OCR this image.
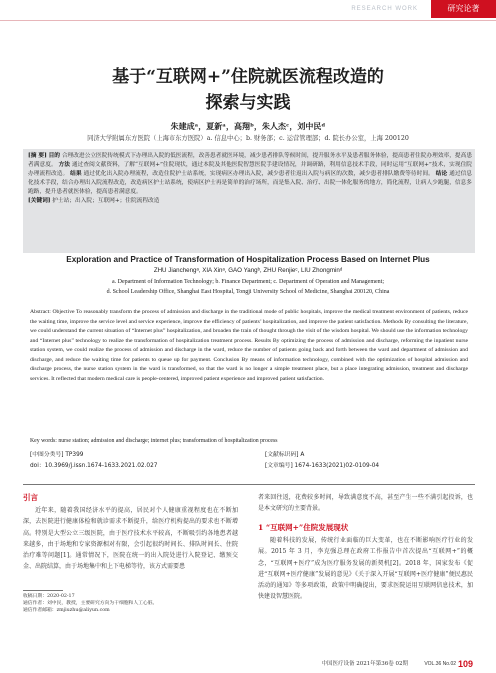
RESEARCH WORK	研究论著
基于“互联网+”住院就医流程改造的
探索与实践
朱建成ᵃ，夏新ᵃ，高翔ᵇ，朱人杰ᶜ，刘中民ᵈ
同济大学附属东方医院（上海市东方医院）a. 信息中心；b. 财务部；c. 运营管理部；d. 院长办公室，上海 200120
[摘 要] 目的 合理改进公立医院传统模式下办理出入院的低医流程，改善患者就医环境，减少患者排队等候时间，提升服务水平及患者服务体验，提高患者住院办理效率，提高患者满意度。 方法 通过查阅文献资料，了解“互联网+”住院现状，通过本院及其他医院智慧医院手建设情况，并调研路，利用信息技术手段，同时运用“互联网+”技术，实现住院办理流程改造。 结果 通过优化出入院办理流程，改造住院护士站系统，实现病区办理出入院，减少患者往返出入院与病区的次数，减少患者排队缴费等待时间。 结论 通过信息化技术手段，结合办理出入院流程改造，改造病区护士站系统，使病区护士再是简单的治疗场所，而是集入院、治疗、出院一体化服务的地方，简化流程，让病人少跑腿，信息多跑路，提升患者就医体验，提高患者满意度。
[关键词] 护士站；出入院；互联网+；住院流程改造
Exploration and Practice of Transformation of Hospitalization Process Based on Internet Plus
ZHU Jianchengᵃ, XIA Xinᵃ, GAO Yangᵇ, ZHU Renjieᶜ, LIU Zhongminᵈ
a. Department of Information Technology; b. Finance Department; c. Department of Operation and Management;
d. School Leadership Office, Shanghai East Hospital, Tongji University School of Medicine, Shanghai 200120, China
Abstract: Objective To reasonably transform the process of admission and discharge in the traditional mode of public hospitals, improve the medical treatment environment of patients, reduce the waiting time, improve the service level and service experience, improve the efficiency of patients’ hospitalization, and improve the patient satisfaction. Methods By consulting the literature, we could understand the current situation of “Internet plus” hospitalization, and broaden the train of thought through the visit of the wisdom hospital. We should use the information technology and “Internet plus” technology to realize the transformation of hospitalization treatment process. Results By optimizing the process of admission and discharge, reforming the inpatient nurse station system, we could realize the process of admission and discharge in the ward, reduce the number of patients going back and forth between the ward and department of admission and discharge, and reduce the waiting time for patients to queue up for payment. Conclusion By means of information technology, combined with the optimization of hospital admission and discharge process, the nurse station system in the ward is transformed, so that the ward is no longer a simple treatment place, but a place integrating admission, treatment and discharge services. It reflected that modern medical care is people-centered, improved patient experience and improved patient satisfaction.
Key words: nurse station; admission and discharge; internet plus; transformation of hospitalization process
[中图分类号] TP399	[文献标识码] A
doi：10.3969/j.issn.1674-1633.2021.02.027	[文章编号] 1674-1633(2021)02-0109-04
引言
近年来，随着我国经济水平的提高，居民对个人健康重视程度也在不断加深，去医院进行健康体检和就诊需求不断提升，给医疗机构提出的要求也不断增高。特别是大型公立三级医院，由于医疗技术水平较高，不断吸引约各地患者越来越多，由于场地和专家资源相对有限，会引起很约时间长、排队时间长、住院治疗难等问题[1]。通常情况下，医院在统一的出入院处进行入院登记、缴预交金、出院结算，由于场地集中和上下电梯等待，该方式需要患
者来回往返，花费较多时间，导致满意度不高，甚至产生一些不满引起投诉，也是本文研究的主要背景。
1 “互联网+”住院发展现状
随着科技的发展，传统行业面临的巨大变革，也在不断影响医疗行业的发展。2015 年 3 月，李克强总理在政府工作报告中首次提出“互联网+”的概念，“互联网+医疗”成为医疗服务发展的新契机[2]。2018 年，国家发布《促进“互联网+医疗健康”发展的意见》《关于深入开展“互联网+医疗健康”便民惠民活动的通知》等多项政策，政策中明确提出，要求医院运用互联网信息技术，加快建设智慧医院。
收稿日期：2020-02-17
通信作者：刘中民，教授，主要研究方向为干细胞和人工心脏。
通信作者邮箱：zmjiuzhu@aliyun.com
中国医疗设备 2021年第36卷 02期	VOL.36 No.02 109
